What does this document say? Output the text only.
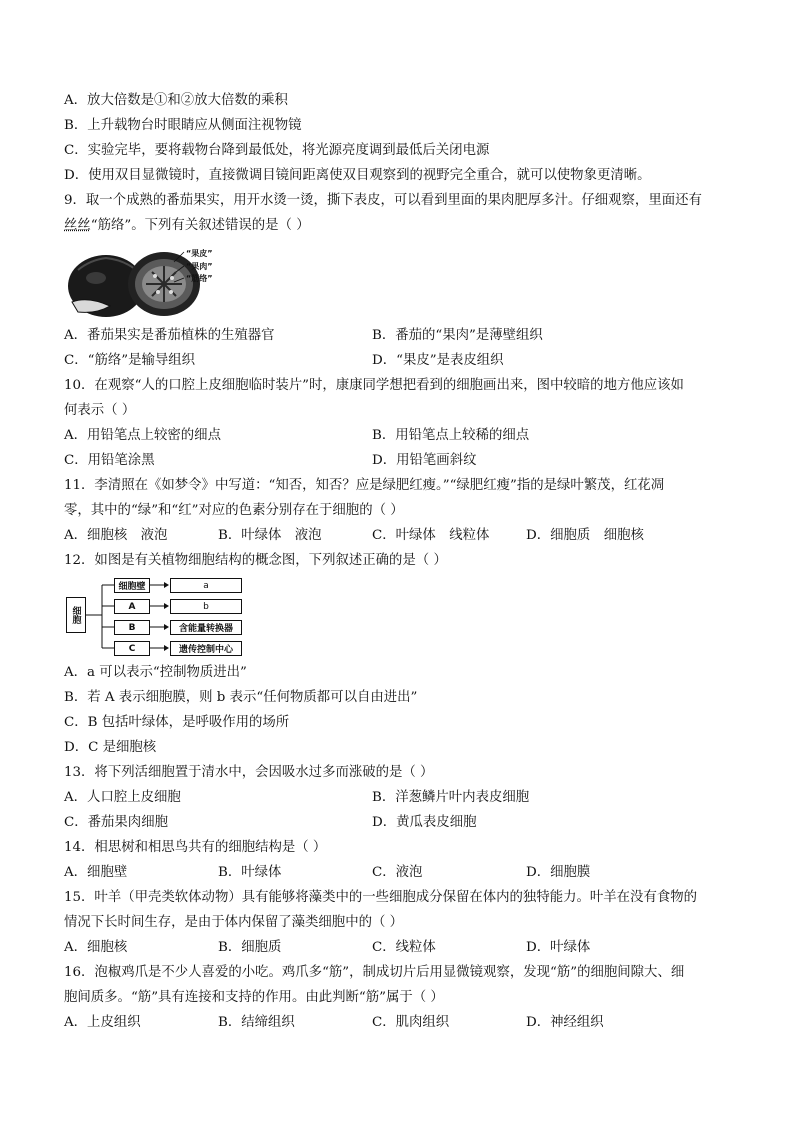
A．放大倍数是①和②放大倍数的乘积
B．上升载物台时眼睛应从侧面注视物镜
C．实验完毕，要将载物台降到最低处，将光源亮度调到最低后关闭电源
D．使用双目显微镜时，直接微调目镜间距离使双目观察到的视野完全重合，就可以使物象更清晰。
9．取一个成熟的番茄果实，用开水烫一烫，撕下表皮，可以看到里面的果肉肥厚多汁。仔细观察，里面还有
丝丝“筋络”。下列有关叙述错误的是（ ）
“果皮”
“果肉”
“筋络”
A．番茄果实是番茄植株的生殖器官	B．番茄的“果肉”是薄壁组织
C．“筋络”是输导组织	D．“果皮”是表皮组织
10．在观察“人的口腔上皮细胞临时装片”时，康康同学想把看到的细胞画出来，图中较暗的地方他应该如
何表示（ ）
A．用铅笔点上较密的细点	B．用铅笔点上较稀的细点
C．用铅笔涂黑	D．用铅笔画斜纹
11．李清照在《如梦令》中写道：“知否，知否？应是绿肥红瘦。”“绿肥红瘦”指的是绿叶繁茂，红花凋
零，其中的“绿”和“红”对应的色素分别存在于细胞的（ ）
A．细胞核　液泡	B．叶绿体　液泡	C．叶绿体　线粒体	D．细胞质　细胞核
12．如图是有关植物细胞结构的概念图，下列叙述正确的是（ ）
细胞
细胞壁
A
B
C
a
b
含能量转换器
遗传控制中心
A．a 可以表示“控制物质进出”
B．若 A 表示细胞膜，则 b 表示“任何物质都可以自由进出”
C．B 包括叶绿体，是呼吸作用的场所
D．C 是细胞核
13．将下列活细胞置于清水中，会因吸水过多而涨破的是（ ）
A．人口腔上皮细胞	B．洋葱鳞片叶内表皮细胞
C．番茄果肉细胞	D．黄瓜表皮细胞
14．相思树和相思鸟共有的细胞结构是（ ）
A．细胞壁	B．叶绿体	C．液泡	D．细胞膜
15．叶羊（甲壳类软体动物）具有能够将藻类中的一些细胞成分保留在体内的独特能力。叶羊在没有食物的
情况下长时间生存，是由于体内保留了藻类细胞中的（ ）
A．细胞核	B．细胞质	C．线粒体	D．叶绿体
16．泡椒鸡爪是不少人喜爱的小吃。鸡爪多“筋”，制成切片后用显微镜观察，发现“筋”的细胞间隙大、细
胞间质多。“筋”具有连接和支持的作用。由此判断“筋”属于（ ）
A．上皮组织	B．结缔组织	C．肌肉组织	D．神经组织
